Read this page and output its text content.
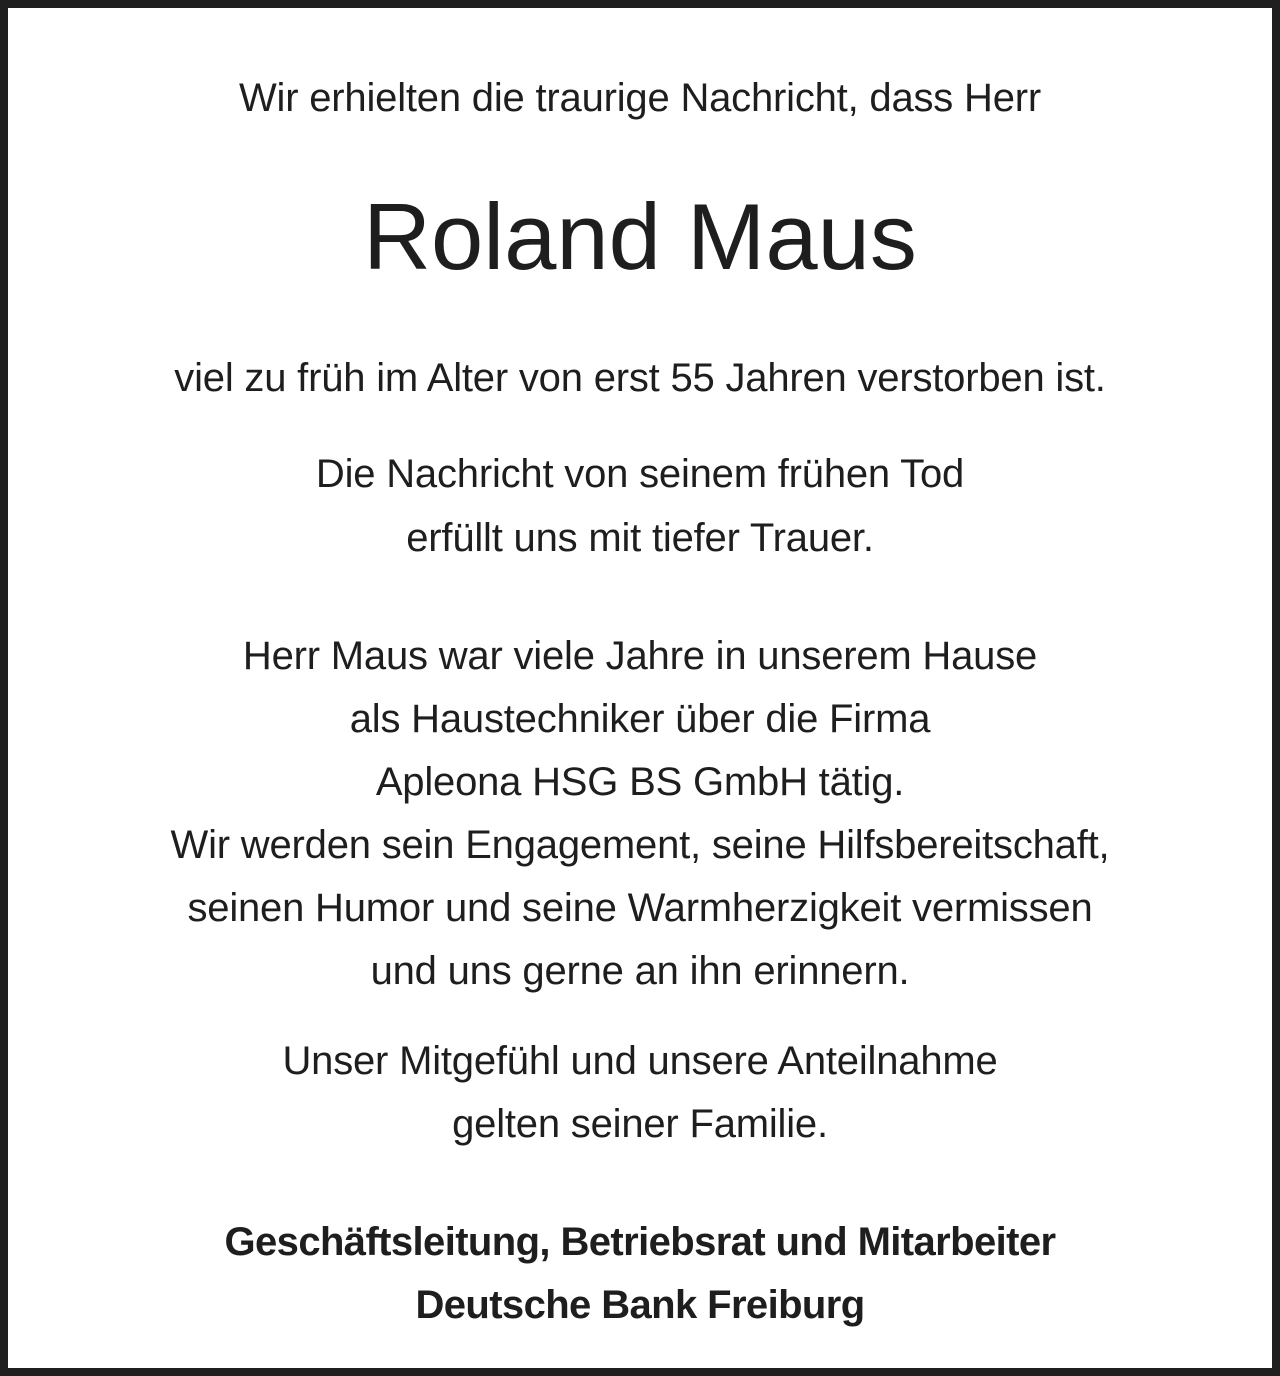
Wir erhielten die traurige Nachricht, dass Herr
Roland Maus
viel zu früh im Alter von erst 55 Jahren verstorben ist.
Die Nachricht von seinem frühen Tod
erfüllt uns mit tiefer Trauer.
Herr Maus war viele Jahre in unserem Hause
als Haustechniker über die Firma
Apleona HSG BS GmbH tätig.
Wir werden sein Engagement, seine Hilfsbereitschaft,
seinen Humor und seine Warmherzigkeit vermissen
und uns gerne an ihn erinnern.
Unser Mitgefühl und unsere Anteilnahme
gelten seiner Familie.
Geschäftsleitung, Betriebsrat und Mitarbeiter
Deutsche Bank Freiburg
